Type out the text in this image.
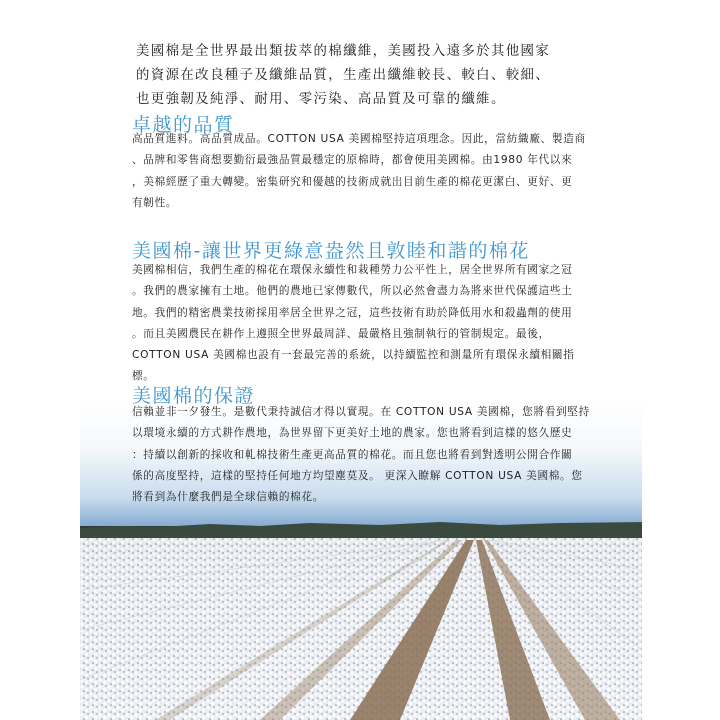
美國棉是全世界最出類拔萃的棉纖維，美國投入遠多於其他國家
的資源在改良種子及纖維品質，生產出纖維較長、較白、較細、
也更強韌及純淨、耐用、零污染、高品質及可靠的纖維。

卓越的品質

高品質進料。高品質成品。COTTON USA 美國棉堅持這項理念。因此，當紡織廠、製造商
、品牌和零售商想要勤衍最強品質最穩定的原棉時，都會使用美國棉。由1980 年代以來
，美棉經歷了重大轉變。密集研究和優越的技術成就出目前生產的棉花更潔白、更好、更
有韌性。

美國棉-讓世界更綠意盎然且敦睦和諧的棉花

美國棉相信，我們生產的棉花在環保永續性和栽種勞力公平性上，居全世界所有國家之冠
。我們的農家擁有土地。他們的農地已家傳數代，所以必然會盡力為將來世代保護這些土
地。我們的精密農業技術採用率居全世界之冠，這些技術有助於降低用水和殺蟲劑的使用
。而且美國農民在耕作上遵照全世界最周詳、最嚴格且強制執行的管制規定。最後，
COTTON USA 美國棉也設有一套最完善的系統，以持續監控和測量所有環保永續相關指標。

美國棉的保證

信賴並非一夕發生。是數代秉持誠信才得以實現。在 COTTON USA 美國棉，您將看到堅持
以環境永續的方式耕作農地，為世界留下更美好土地的農家。您也將看到這樣的悠久歷史
：持續以創新的採收和軋棉技術生產更高品質的棉花。而且您也將看到對透明公開合作關
係的高度堅持，這樣的堅持任何地方均望塵莫及。 更深入瞭解 COTTON USA 美國棉。您
將看到為什麼我們是全球信賴的棉花。
